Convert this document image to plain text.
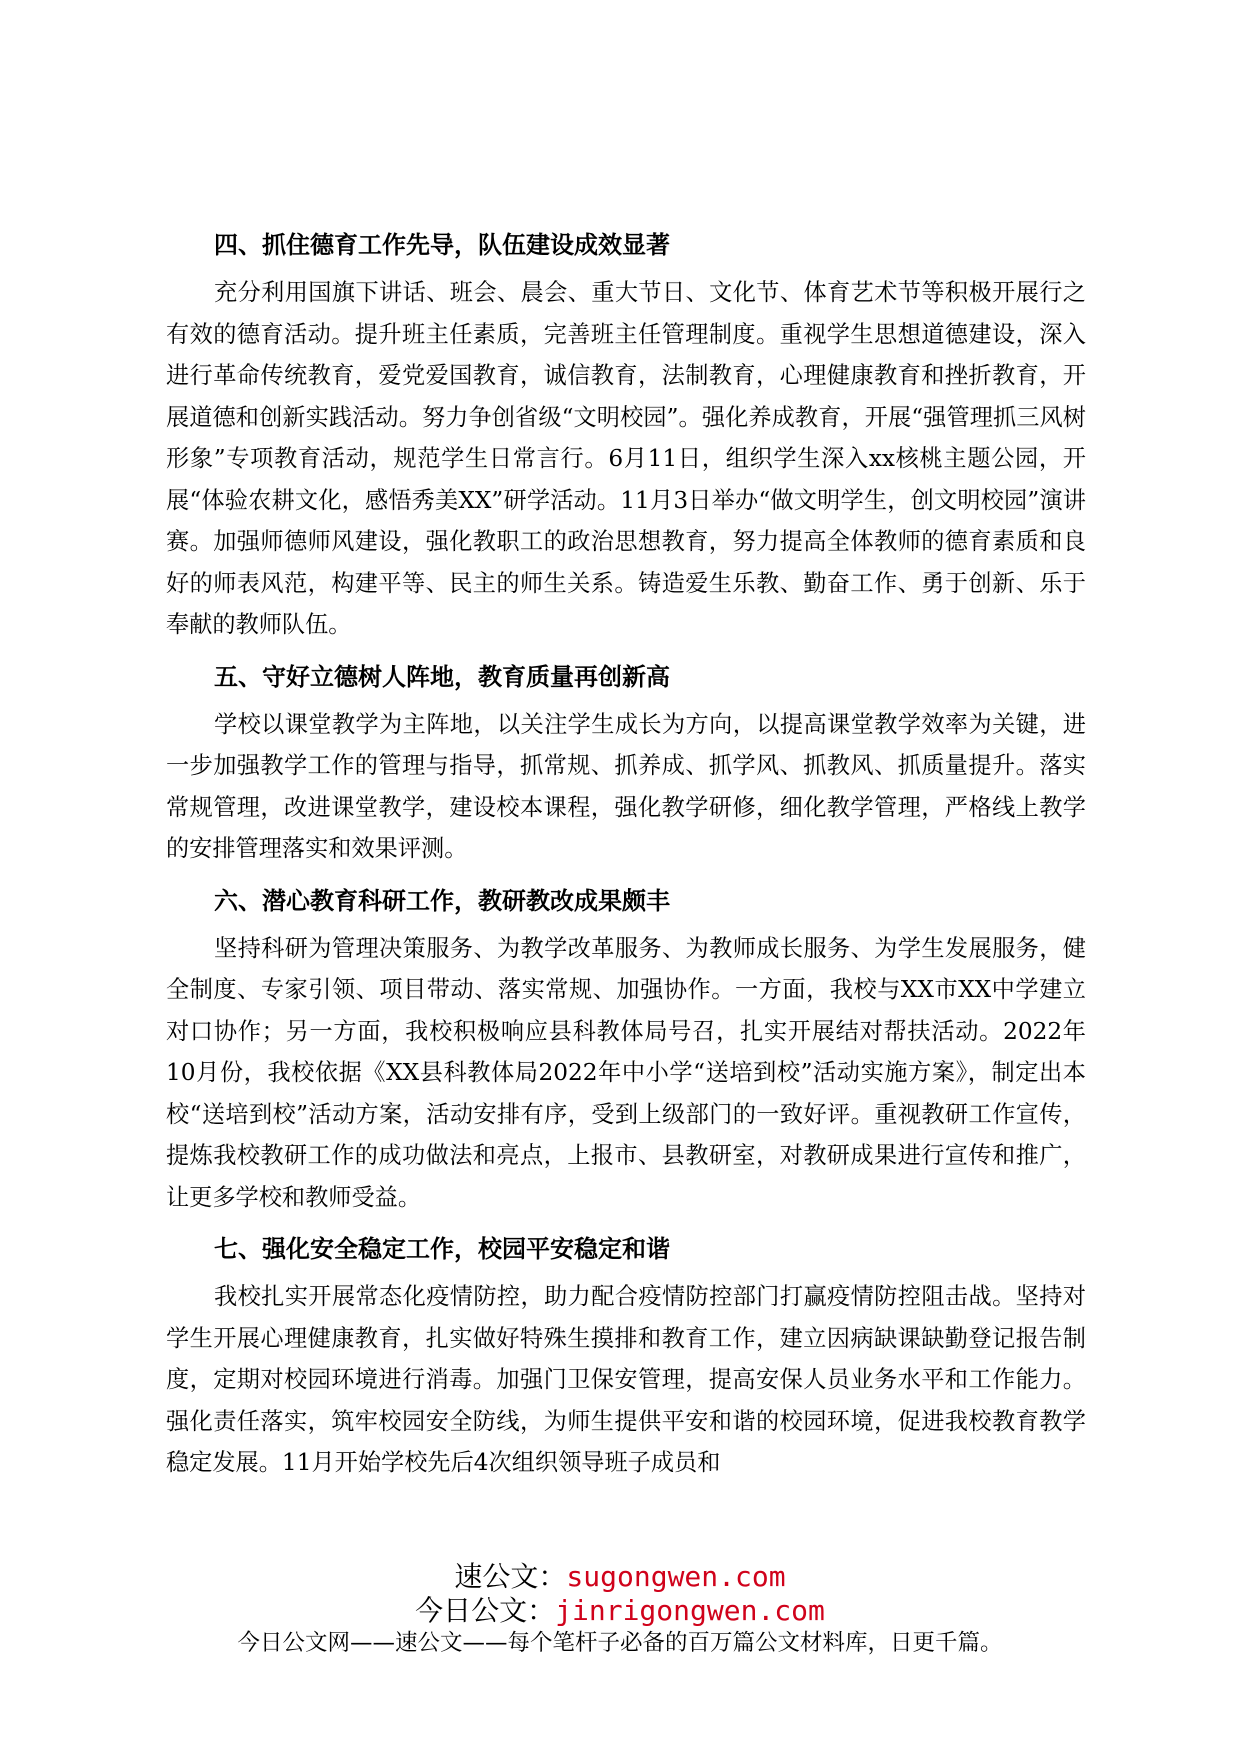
四、抓住德育工作先导，队伍建设成效显著

充分利用国旗下讲话、班会、晨会、重大节日、文化节、体育艺术节等积极开展行之有效的德育活动。提升班主任素质，完善班主任管理制度。重视学生思想道德建设，深入进行革命传统教育，爱党爱国教育，诚信教育，法制教育，心理健康教育和挫折教育，开展道德和创新实践活动。努力争创省级“文明校园”。强化养成教育，开展“强管理抓三风树形象”专项教育活动，规范学生日常言行。6月11日，组织学生深入xx核桃主题公园，开展“体验农耕文化，感悟秀美XX”研学活动。11月3日举办“做文明学生，创文明校园”演讲赛。加强师德师风建设，强化教职工的政治思想教育，努力提高全体教师的德育素质和良好的师表风范，构建平等、民主的师生关系。铸造爱生乐教、勤奋工作、勇于创新、乐于奉献的教师队伍。

五、守好立德树人阵地，教育质量再创新高

学校以课堂教学为主阵地，以关注学生成长为方向，以提高课堂教学效率为关键，进一步加强教学工作的管理与指导，抓常规、抓养成、抓学风、抓教风、抓质量提升。落实常规管理，改进课堂教学，建设校本课程，强化教学研修，细化教学管理，严格线上教学的安排管理落实和效果评测。

六、潜心教育科研工作，教研教改成果颇丰

坚持科研为管理决策服务、为教学改革服务、为教师成长服务、为学生发展服务，健全制度、专家引领、项目带动、落实常规、加强协作。一方面，我校与XX市XX中学建立对口协作；另一方面，我校积极响应县科教体局号召，扎实开展结对帮扶活动。2022年10月份，我校依据《XX县科教体局2022年中小学“送培到校”活动实施方案》，制定出本校“送培到校”活动方案，活动安排有序，受到上级部门的一致好评。重视教研工作宣传，提炼我校教研工作的成功做法和亮点，上报市、县教研室，对教研成果进行宣传和推广，让更多学校和教师受益。

七、强化安全稳定工作，校园平安稳定和谐

我校扎实开展常态化疫情防控，助力配合疫情防控部门打赢疫情防控阻击战。坚持对学生开展心理健康教育，扎实做好特殊生摸排和教育工作，建立因病缺课缺勤登记报告制度，定期对校园环境进行消毒。加强门卫保安管理，提高安保人员业务水平和工作能力。强化责任落实，筑牢校园安全防线，为师生提供平安和谐的校园环境，促进我校教育教学稳定发展。11月开始学校先后4次组织领导班子成员和

速公文：sugongwen.com
今日公文：jinrigongwen.com
今日公文网——速公文——每个笔杆子必备的百万篇公文材料库，日更千篇。
